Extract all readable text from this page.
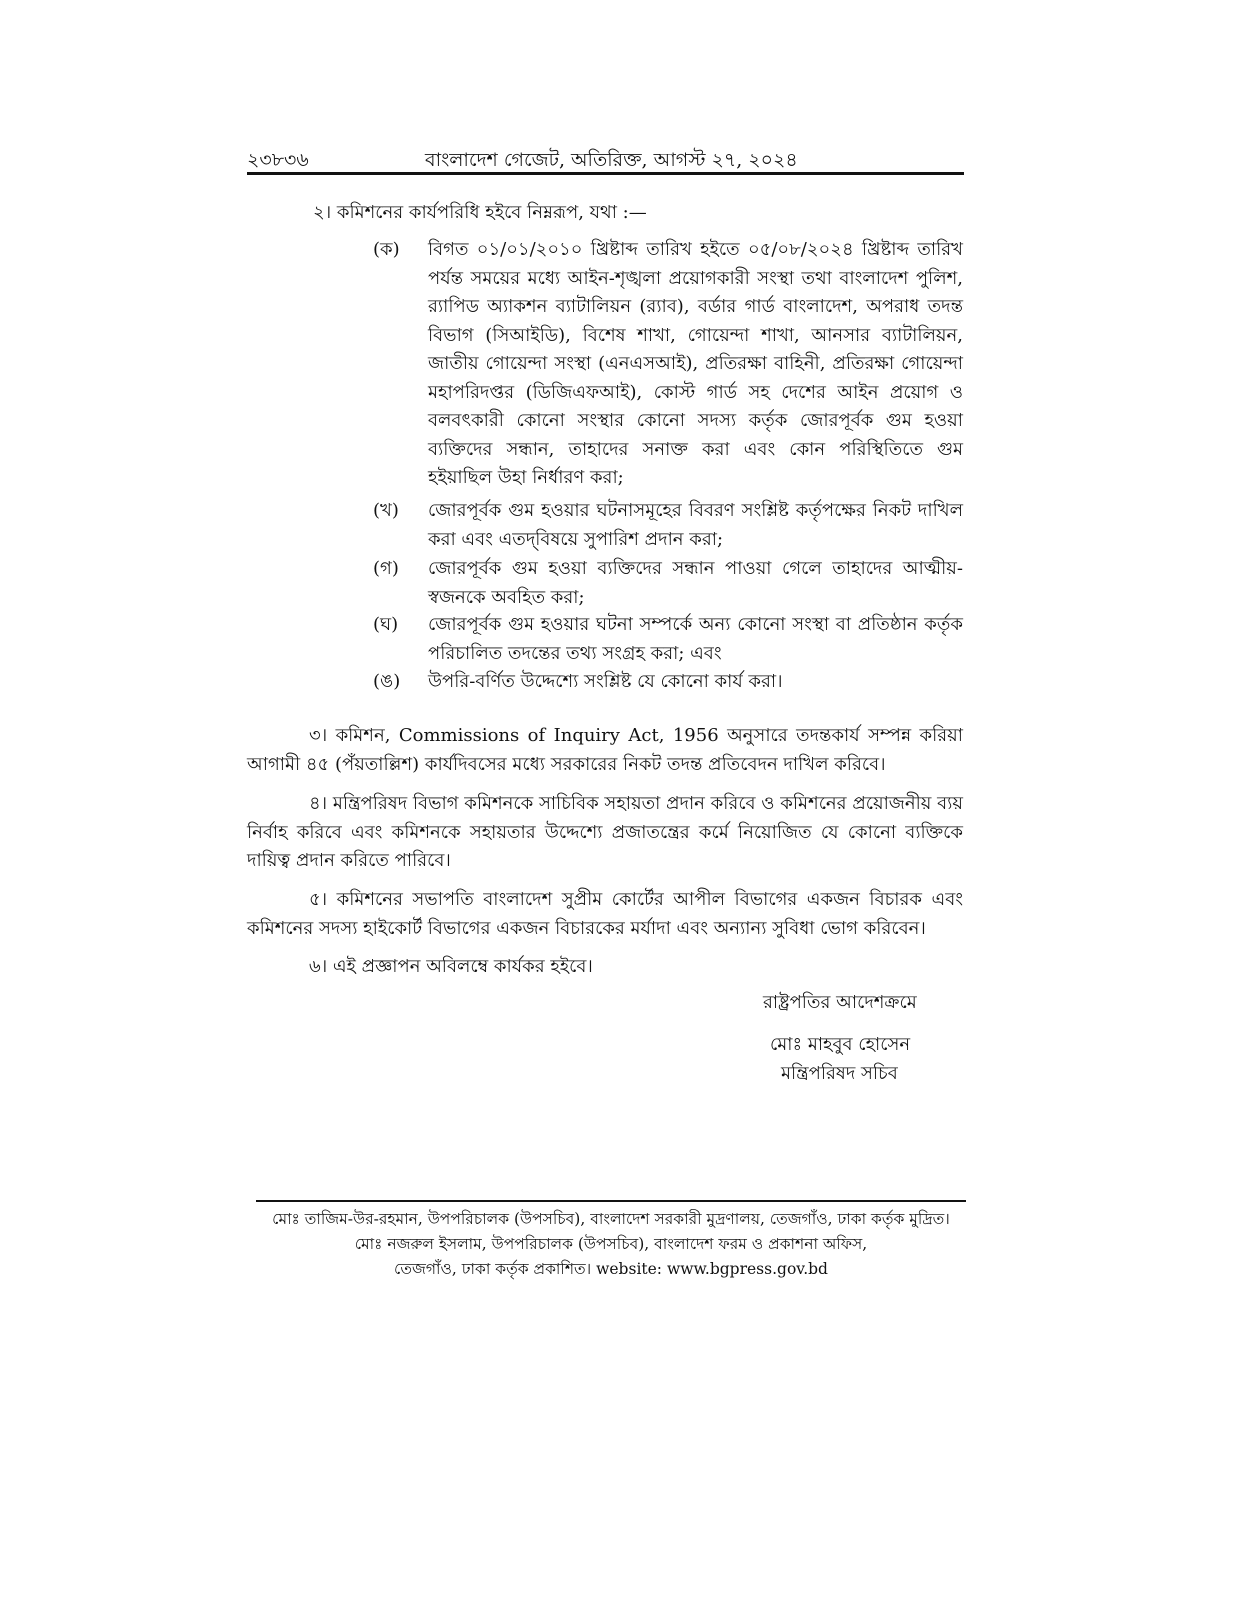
২৩৮৩৬	বাংলাদেশ গেজেট, অতিরিক্ত, আগস্ট ২৭, ২০২৪
২। কমিশনের কার্যপরিধি হইবে নিম্নরূপ, যথা :—
(ক)	বিগত ০১/০১/২০১০ খ্রিষ্টাব্দ তারিখ হইতে ০৫/০৮/২০২৪ খ্রিষ্টাব্দ তারিখ পর্যন্ত সময়ের মধ্যে আইন-শৃঙ্খলা প্রয়োগকারী সংস্থা তথা বাংলাদেশ পুলিশ, র‍্যাপিড অ্যাকশন ব্যাটালিয়ন (র‍্যাব), বর্ডার গার্ড বাংলাদেশ, অপরাধ তদন্ত বিভাগ (সিআইডি), বিশেষ শাখা, গোয়েন্দা শাখা, আনসার ব্যাটালিয়ন, জাতীয় গোয়েন্দা সংস্থা (এনএসআই), প্রতিরক্ষা বাহিনী, প্রতিরক্ষা গোয়েন্দা মহাপরিদপ্তর (ডিজিএফআই), কোস্ট গার্ড সহ দেশের আইন প্রয়োগ ও বলবৎকারী কোনো সংস্থার কোনো সদস্য কর্তৃক জোরপূর্বক গুম হওয়া ব্যক্তিদের সন্ধান, তাহাদের সনাক্ত করা এবং কোন পরিস্থিতিতে গুম হইয়াছিল উহা নির্ধারণ করা;
(খ)	জোরপূর্বক গুম হওয়ার ঘটনাসমূহের বিবরণ সংশ্লিষ্ট কর্তৃপক্ষের নিকট দাখিল করা এবং এতদ্‌বিষয়ে সুপারিশ প্রদান করা;
(গ)	জোরপূর্বক গুম হওয়া ব্যক্তিদের সন্ধান পাওয়া গেলে তাহাদের আত্মীয়-স্বজনকে অবহিত করা;
(ঘ)	জোরপূর্বক গুম হওয়ার ঘটনা সম্পর্কে অন্য কোনো সংস্থা বা প্রতিষ্ঠান কর্তৃক পরিচালিত তদন্তের তথ্য সংগ্রহ করা; এবং
(ঙ)	উপরি-বর্ণিত উদ্দেশ্যে সংশ্লিষ্ট যে কোনো কার্য করা।
৩। কমিশন, Commissions of Inquiry Act, 1956 অনুসারে তদন্তকার্য সম্পন্ন করিয়া আগামী ৪৫ (পঁয়তাল্লিশ) কার্যদিবসের মধ্যে সরকারের নিকট তদন্ত প্রতিবেদন দাখিল করিবে।
৪। মন্ত্রিপরিষদ বিভাগ কমিশনকে সাচিবিক সহায়তা প্রদান করিবে ও কমিশনের প্রয়োজনীয় ব্যয় নির্বাহ করিবে এবং কমিশনকে সহায়তার উদ্দেশ্যে প্রজাতন্ত্রের কর্মে নিয়োজিত যে কোনো ব্যক্তিকে দায়িত্ব প্রদান করিতে পারিবে।
৫। কমিশনের সভাপতি বাংলাদেশ সুপ্রীম কোর্টের আপীল বিভাগের একজন বিচারক এবং কমিশনের সদস্য হাইকোর্ট বিভাগের একজন বিচারকের মর্যাদা এবং অন্যান্য সুবিধা ভোগ করিবেন।
৬। এই প্রজ্ঞাপন অবিলম্বে কার্যকর হইবে।
রাষ্ট্রপতির আদেশক্রমে
মোঃ মাহবুব হোসেন
মন্ত্রিপরিষদ সচিব
মোঃ তাজিম-উর-রহমান, উপপরিচালক (উপসচিব), বাংলাদেশ সরকারী মুদ্রণালয়, তেজগাঁও, ঢাকা কর্তৃক মুদ্রিত।
মোঃ নজরুল ইসলাম, উপপরিচালক (উপসচিব), বাংলাদেশ ফরম ও প্রকাশনা অফিস,
তেজগাঁও, ঢাকা কর্তৃক প্রকাশিত। website: www.bgpress.gov.bd
